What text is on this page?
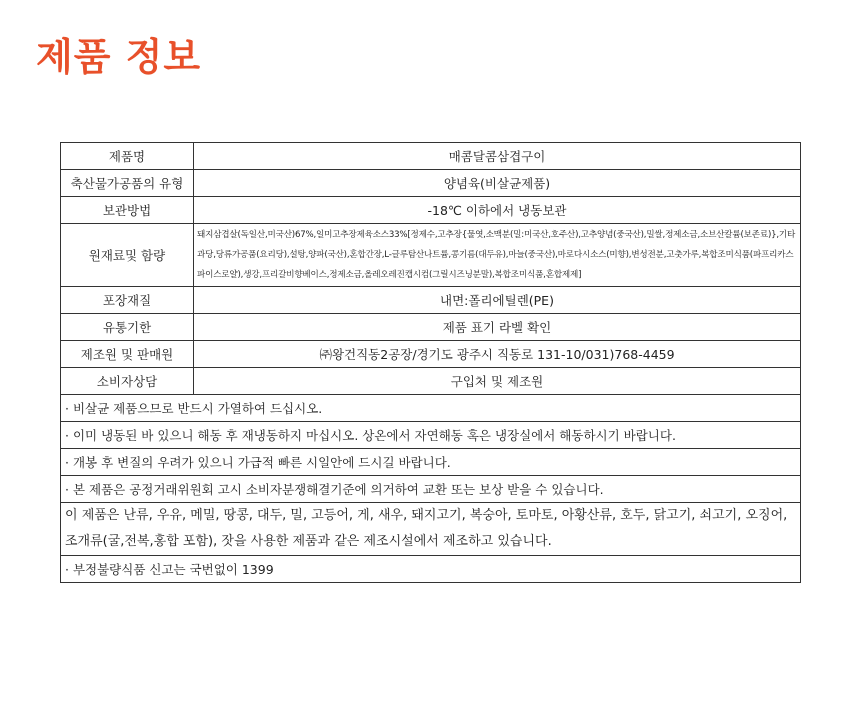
제품 정보
제품명	매콤달콤삼겹구이
축산물가공품의 유형	양념육(비살균제품)
보관방법	-18℃ 이하에서 냉동보관
원재료및 함량	돼지삼겹살(독일산,미국산)67%,일미고추장제육소스33%[정제수,고추장{물엿,소맥분(밀:미국산,호주산),고추양념(중국산),밀쌀,정제소금,소브산칼륨(보존료)},기타과당,당류가공품(요리당),설탕,양파(국산),혼합간장,L-글루탐산나트륨,콩기름(대두유),마늘(중국산),마로다시소스(미향),변성전분,고춧가루,복합조미식품(파프리카스파이스로얄),생강,프리갈비향베이스,정제소금,올레오레진캡시컴(그릴시즈닝분말),복합조미식품,혼합제제]
포장재질	내면:폴리에틸렌(PE)
유통기한	제품 표기 라벨 확인
제조원 및 판매원	㈜왕건직동2공장/경기도 광주시 직동로 131-10/031)768-4459
소비자상담	구입처 및 제조원
· 비살균 제품으므로 반드시 가열하여 드십시오.	
· 이미 냉동된 바 있으니 해동 후 재냉동하지 마십시오. 상온에서 자연해동 혹은 냉장실에서 해동하시기 바랍니다.	
· 개봉 후 변질의 우려가 있으니 가급적 빠른 시일안에 드시길 바랍니다.	
· 본 제품은 공정거래위원회 고시 소비자분쟁해결기준에 의거하여 교환 또는 보상 받을 수 있습니다.	
이 제품은 난류, 우유, 메밀, 땅콩, 대두, 밀, 고등어, 게, 새우, 돼지고기, 복숭아, 토마토, 아황산류, 호두, 닭고기, 쇠고기, 오징어, 조개류(굴,전복,홍합 포함), 잣을 사용한 제품과 같은 제조시설에서 제조하고 있습니다.	
· 부정불량식품 신고는 국번없이 1399	
